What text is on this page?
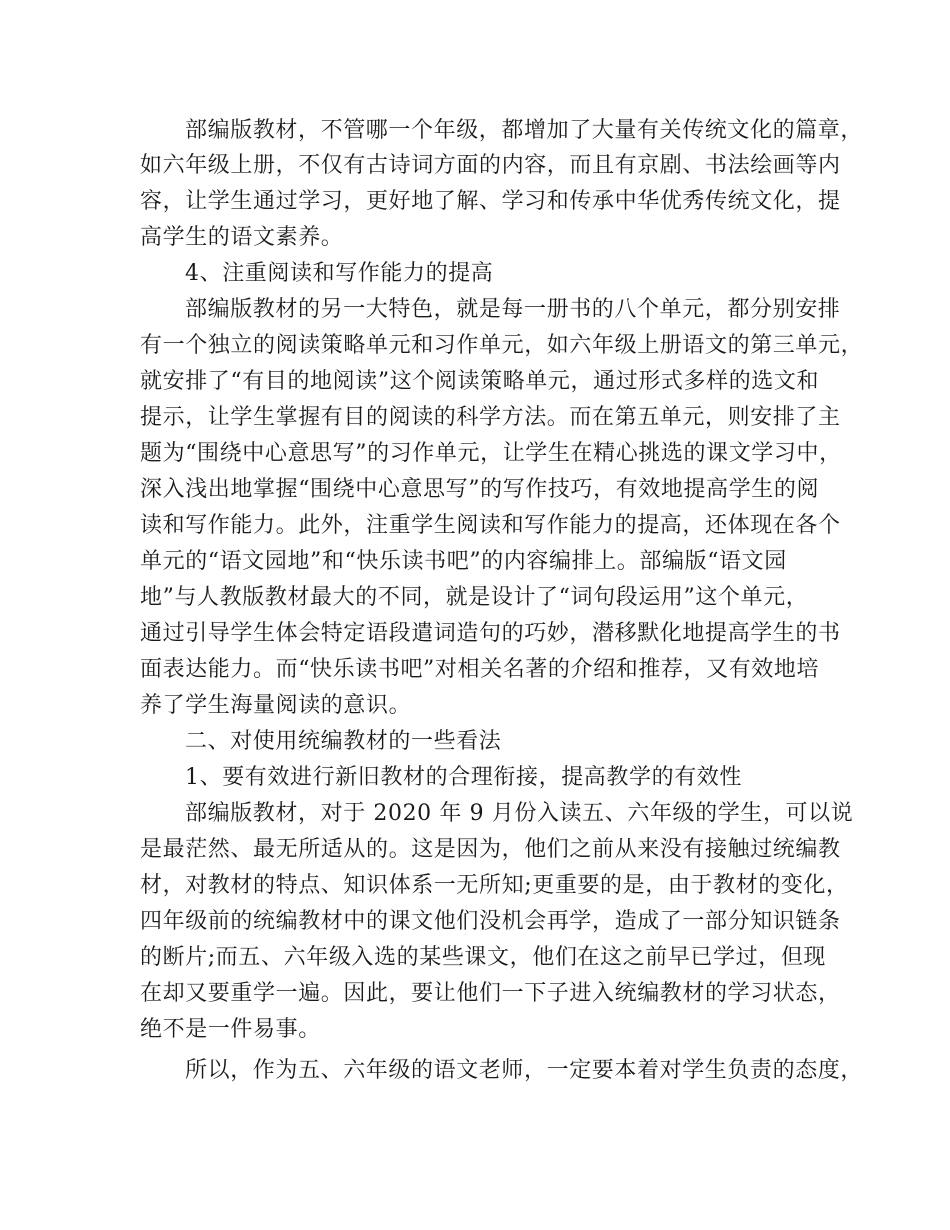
部编版教材，不管哪一个年级，都增加了大量有关传统文化的篇章，
如六年级上册，不仅有古诗词方面的内容，而且有京剧、书法绘画等内
容，让学生通过学习，更好地了解、学习和传承中华优秀传统文化，提
高学生的语文素养。
4、注重阅读和写作能力的提高
部编版教材的另一大特色，就是每一册书的八个单元，都分别安排
有一个独立的阅读策略单元和习作单元，如六年级上册语文的第三单元，
就安排了“有目的地阅读”这个阅读策略单元，通过形式多样的选文和
提示，让学生掌握有目的阅读的科学方法。而在第五单元，则安排了主
题为“围绕中心意思写”的习作单元，让学生在精心挑选的课文学习中，
深入浅出地掌握“围绕中心意思写”的写作技巧，有效地提高学生的阅
读和写作能力。此外，注重学生阅读和写作能力的提高，还体现在各个
单元的“语文园地”和“快乐读书吧”的内容编排上。部编版“语文园
地”与人教版教材最大的不同，就是设计了“词句段运用”这个单元，
通过引导学生体会特定语段遣词造句的巧妙，潜移默化地提高学生的书
面表达能力。而“快乐读书吧”对相关名著的介绍和推荐，又有效地培
养了学生海量阅读的意识。
二、对使用统编教材的一些看法
1、要有效进行新旧教材的合理衔接，提高教学的有效性
部编版教材，对于 2020 年 9 月份入读五、六年级的学生，可以说
是最茫然、最无所适从的。这是因为，他们之前从来没有接触过统编教
材，对教材的特点、知识体系一无所知;更重要的是，由于教材的变化，
四年级前的统编教材中的课文他们没机会再学，造成了一部分知识链条
的断片;而五、六年级入选的某些课文，他们在这之前早已学过，但现
在却又要重学一遍。因此，要让他们一下子进入统编教材的学习状态，
绝不是一件易事。
所以，作为五、六年级的语文老师，一定要本着对学生负责的态度，
